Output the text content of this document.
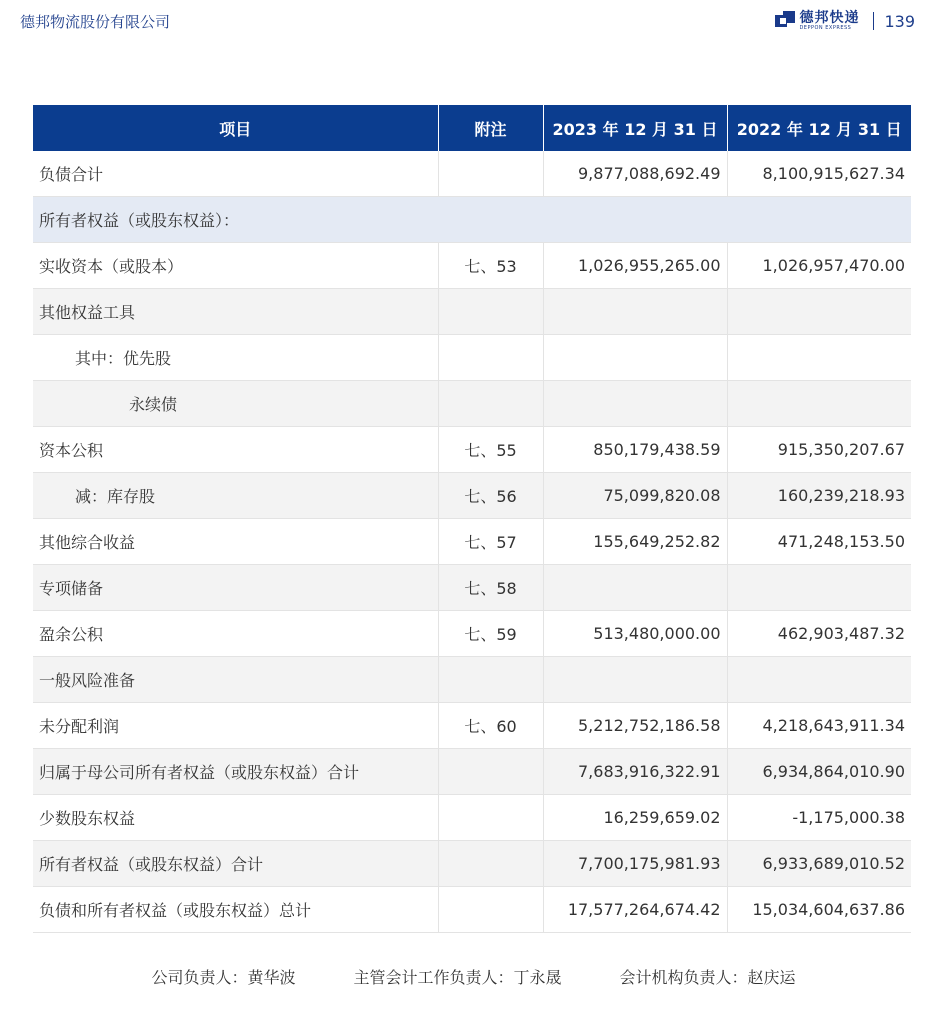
德邦物流股份有限公司	德邦快递
DEPPON EXPRESS	139
项目	附注	2023 年 12 月 31 日	2022 年 12 月 31 日
负债合计		9,877,088,692.49	8,100,915,627.34
所有者权益（或股东权益）：			
实收资本（或股本）	七、53	1,026,955,265.00	1,026,957,470.00
其他权益工具			
其中：优先股			
永续债			
资本公积	七、55	850,179,438.59	915,350,207.67
减：库存股	七、56	75,099,820.08	160,239,218.93
其他综合收益	七、57	155,649,252.82	471,248,153.50
专项储备	七、58		
盈余公积	七、59	513,480,000.00	462,903,487.32
一般风险准备			
未分配利润	七、60	5,212,752,186.58	4,218,643,911.34
归属于母公司所有者权益（或股东权益）合计		7,683,916,322.91	6,934,864,010.90
少数股东权益		16,259,659.02	-1,175,000.38
所有者权益（或股东权益）合计		7,700,175,981.93	6,933,689,010.52
负债和所有者权益（或股东权益）总计		17,577,264,674.42	15,034,604,637.86
公司负责人：黄华波	主管会计工作负责人：丁永晟	会计机构负责人：赵庆运
